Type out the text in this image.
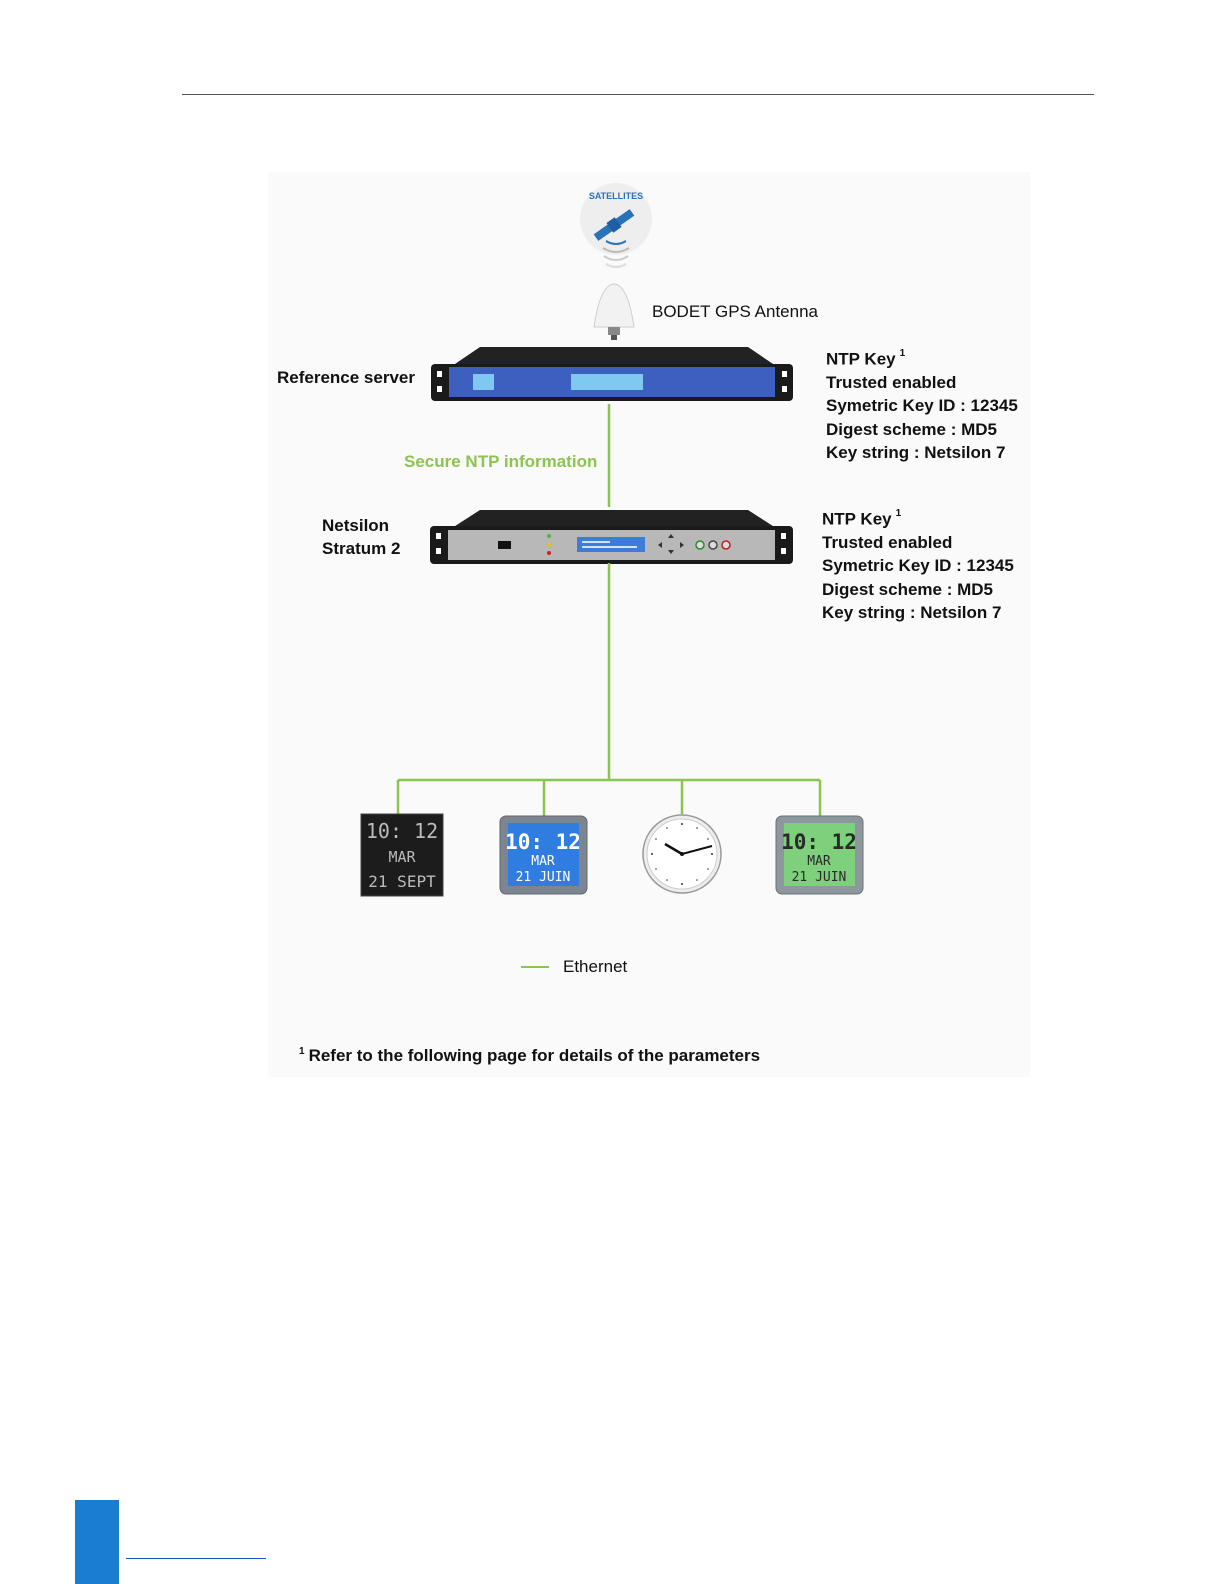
SATELLITES
10: 12
MAR
21 SEPT
10: 12
MAR
21 JUIN
10: 12
MAR
21 JUIN
BODET GPS Antenna
Reference server
Secure NTP information
Netsilon
Stratum 2
NTP Key $^1$
Trusted enabled
Symetric Key ID : 12345
Digest scheme : MD5
Key string : Netsilon 7
NTP Key $^1$
Trusted enabled
Symetric Key ID : 12345
Digest scheme : MD5
Key string : Netsilon 7
Ethernet
$^1$ Refer to the following page for details of the parameters
